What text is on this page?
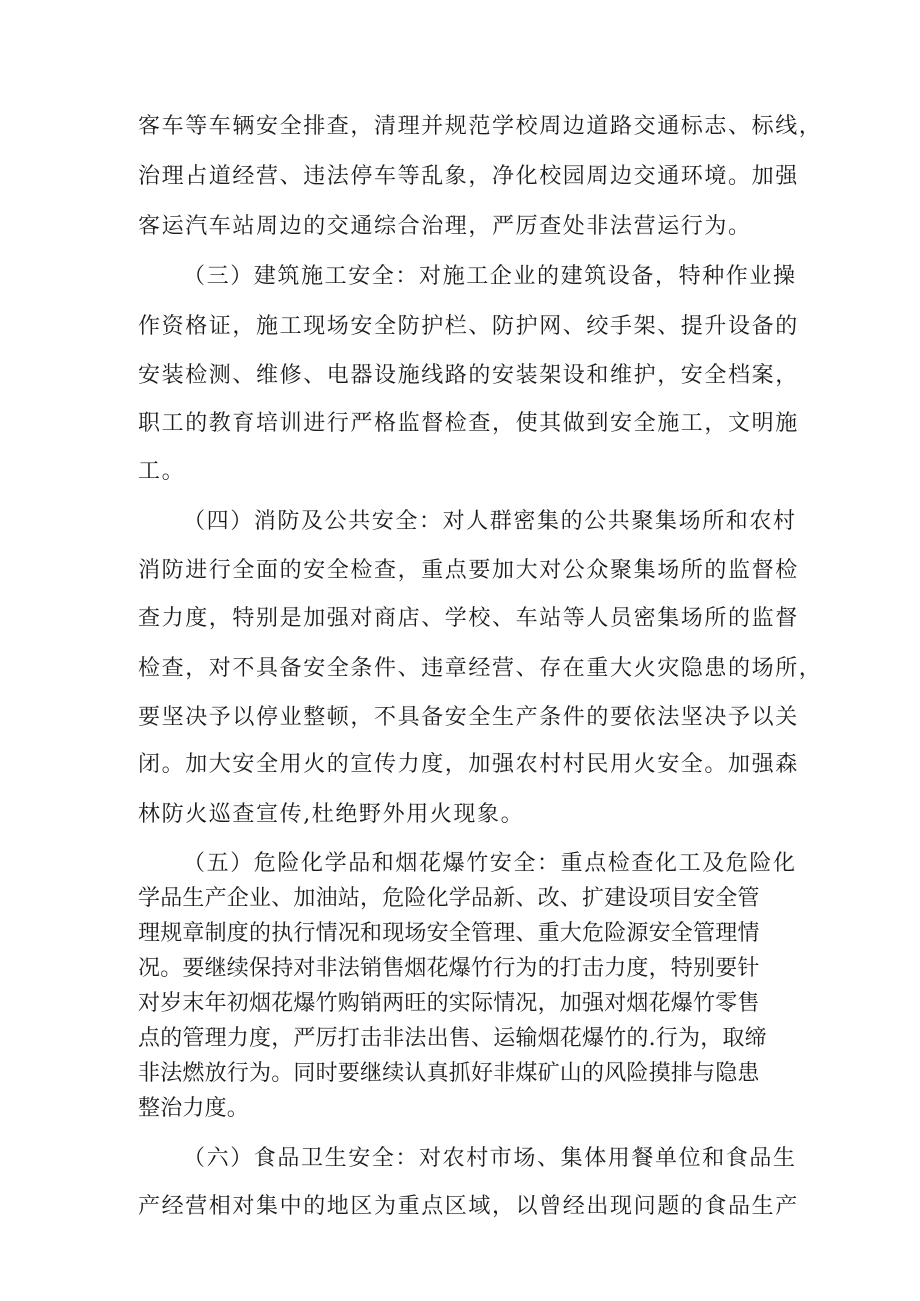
客车等车辆安全排查，清理并规范学校周边道路交通标志、标线，
治理占道经营、违法停车等乱象，净化校园周边交通环境。加强
客运汽车站周边的交通综合治理，严厉查处非法营运行为。
（三）建筑施工安全：对施工企业的建筑设备，特种作业操
作资格证，施工现场安全防护栏、防护网、绞手架、提升设备的
安装检测、维修、电器设施线路的安装架设和维护，安全档案，
职工的教育培训进行严格监督检查，使其做到安全施工，文明施
工。
（四）消防及公共安全：对人群密集的公共聚集场所和农村
消防进行全面的安全检查，重点要加大对公众聚集场所的监督检
查力度，特别是加强对商店、学校、车站等人员密集场所的监督
检查，对不具备安全条件、违章经营、存在重大火灾隐患的场所，
要坚决予以停业整顿，不具备安全生产条件的要依法坚决予以关
闭。加大安全用火的宣传力度，加强农村村民用火安全。加强森
林防火巡查宣传,杜绝野外用火现象。
（五）危险化学品和烟花爆竹安全：重点检查化工及危险化
学品生产企业、加油站，危险化学品新、改、扩建设项目安全管
理规章制度的执行情况和现场安全管理、重大危险源安全管理情
况。要继续保持对非法销售烟花爆竹行为的打击力度，特别要针
对岁末年初烟花爆竹购销两旺的实际情况，加强对烟花爆竹零售
点的管理力度，严厉打击非法出售、运输烟花爆竹的.行为，取缔
非法燃放行为。同时要继续认真抓好非煤矿山的风险摸排与隐患
整治力度。
（六）食品卫生安全：对农村市场、集体用餐单位和食品生
产经营相对集中的地区为重点区域，以曾经出现问题的食品生产
